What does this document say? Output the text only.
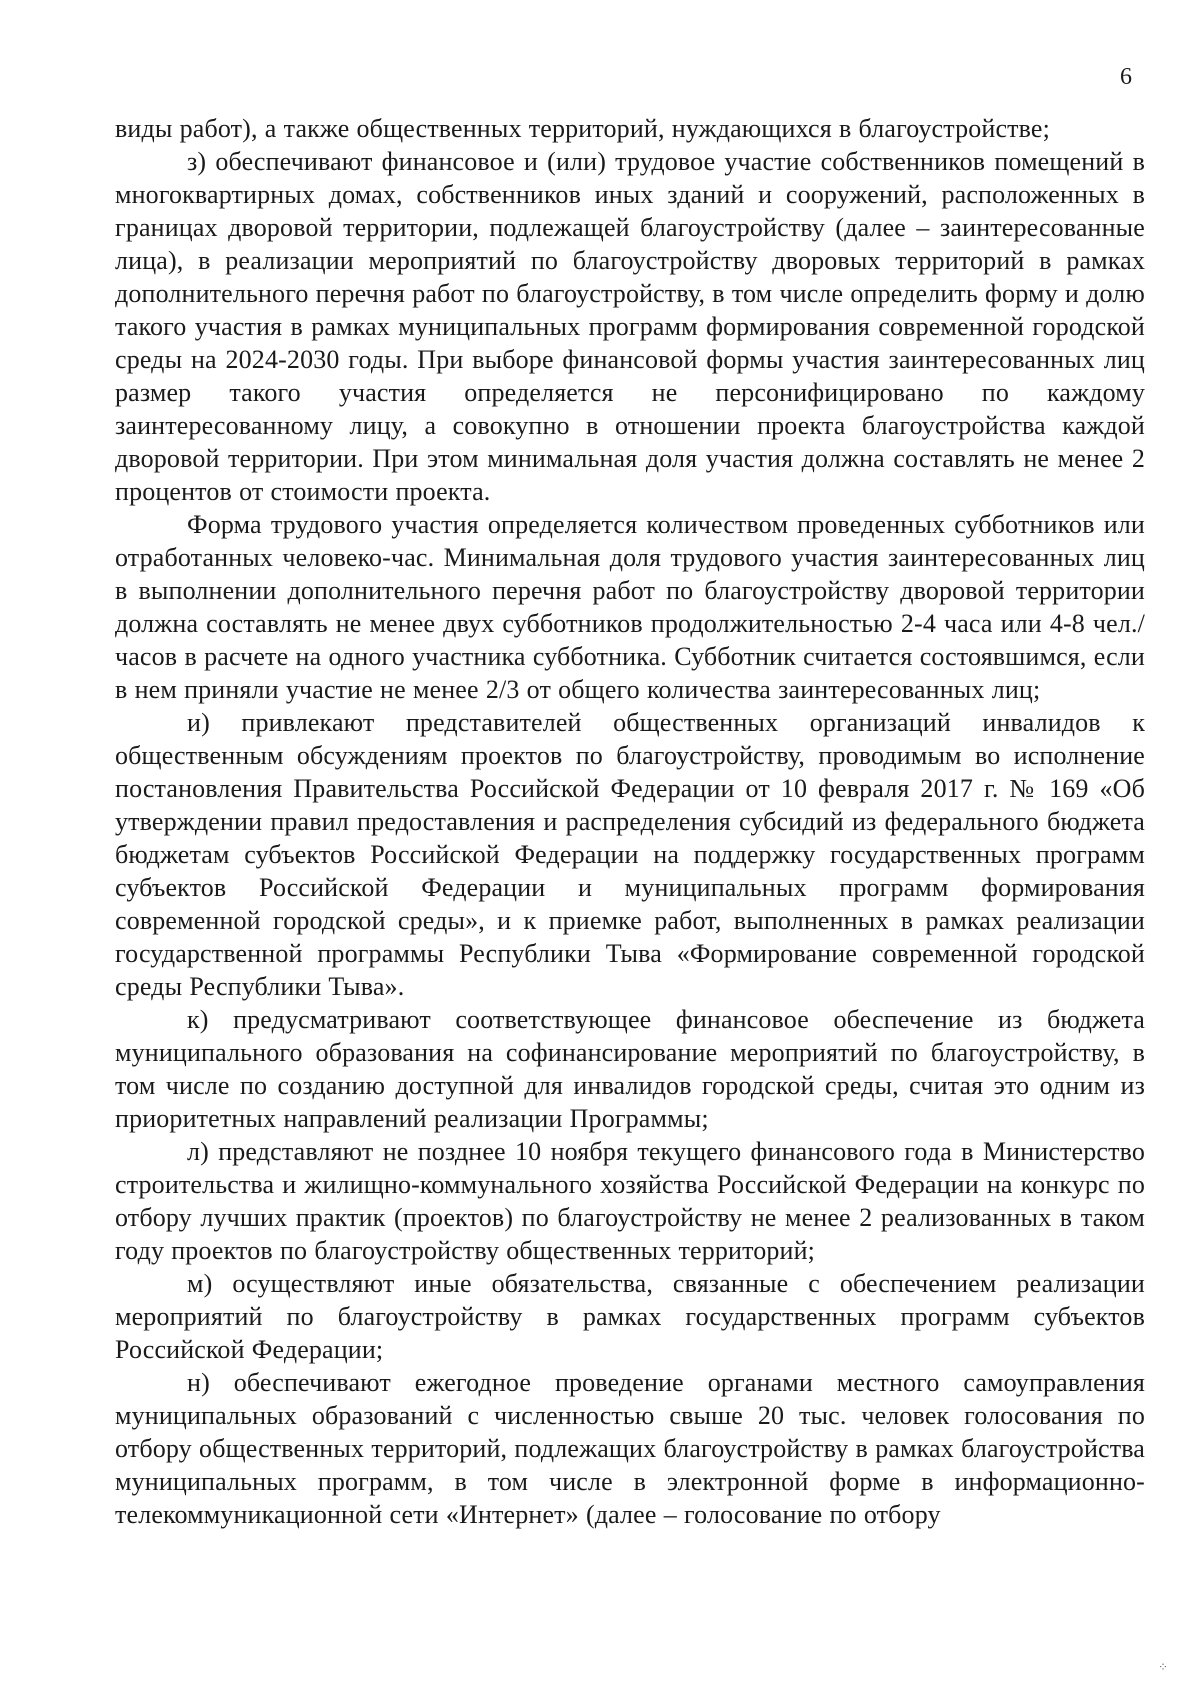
6

виды работ), а также общественных территорий, нуждающихся в благоустройстве;

з) обеспечивают финансовое и (или) трудовое участие собственников помещений в многоквартирных домах, собственников иных зданий и сооружений, расположенных в границах дворовой территории, подлежащей благоустройству (далее – заинтересованные лица), в реализации мероприятий по благоустройству дворовых территорий в рамках дополнительного перечня работ по благоустройству, в том числе определить форму и долю такого участия в рамках муниципальных программ формирования современной городской среды на 2024-2030 годы. При выборе финансовой формы участия заинтересованных лиц размер такого участия определяется не персонифицировано по каждому заинтересованному лицу, а совокупно в отношении проекта благоустройства каждой дворовой территории. При этом минимальная доля участия должна составлять не менее 2 процентов от стоимости проекта.

Форма трудового участия определяется количеством проведенных субботников или отработанных человеко-час. Минимальная доля трудового участия заинтересованных лиц в выполнении дополнительного перечня работ по благоустройству дворовой территории должна составлять не менее двух субботников продолжительностью 2-4 часа или 4-8 чел./часов в расчете на одного участника субботника. Субботник считается состоявшимся, если в нем приняли участие не менее 2/3 от общего количества заинтересованных лиц;

и) привлекают представителей общественных организаций инвалидов к общественным обсуждениям проектов по благоустройству, проводимым во исполнение постановления Правительства Российской Федерации от 10 февраля 2017 г. № 169 «Об утверждении правил предоставления и распределения субсидий из федерального бюджета бюджетам субъектов Российской Федерации на поддержку государственных программ субъектов Российской Федерации и муниципальных программ формирования современной городской среды», и к приемке работ, выполненных в рамках реализации государственной программы Республики Тыва «Формирование современной городской среды Республики Тыва».

к) предусматривают соответствующее финансовое обеспечение из бюджета муниципального образования на софинансирование мероприятий по благоустройству, в том числе по созданию доступной для инвалидов городской среды, считая это одним из приоритетных направлений реализации Программы;

л) представляют не позднее 10 ноября текущего финансового года в Министерство строительства и жилищно-коммунального хозяйства Российской Федерации на конкурс по отбору лучших практик (проектов) по благоустройству не менее 2 реализованных в таком году проектов по благоустройству общественных территорий;

м) осуществляют иные обязательства, связанные с обеспечением реализации мероприятий по благоустройству в рамках государственных программ субъектов Российской Федерации;

н) обеспечивают ежегодное проведение органами местного самоуправления муниципальных образований с численностью свыше 20 тыс. человек голосования по отбору общественных территорий, подлежащих благоустройству в рамках благоустройства муниципальных программ, в том числе в электронной форме в информационно-телекоммуникационной сети «Интернет» (далее – голосование по отбору

⁘
